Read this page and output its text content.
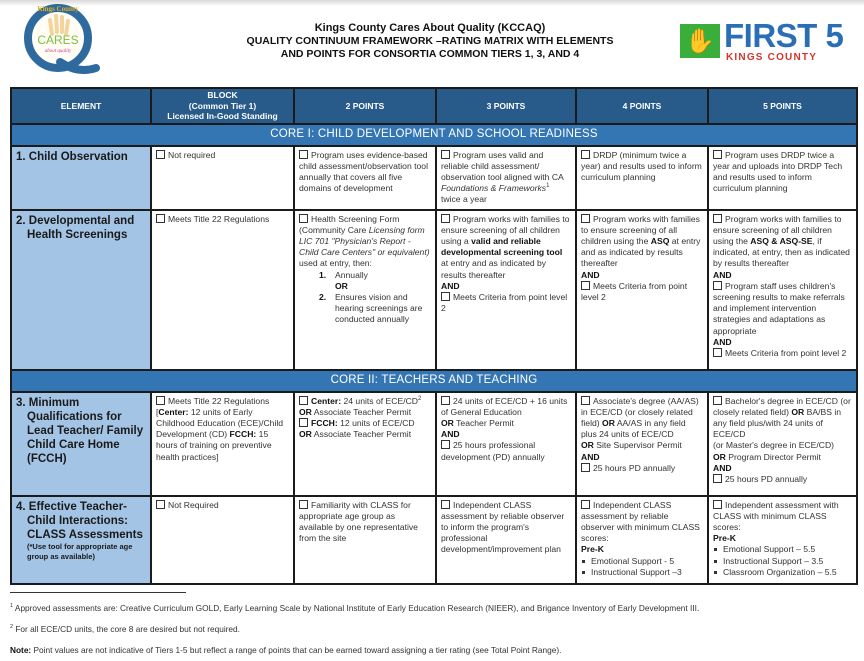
CARES
about quality
Kings County
Kings County Cares About Quality (KCCAQ)
QUALITY CONTINUUM FRAMEWORK –RATING MATRIX WITH ELEMENTS
AND POINTS FOR CONSORTIA COMMON TIERS 1, 3, AND 4	✋ FIRST 5
KINGS COUNTY
ELEMENT	BLOCK
(Common Tier 1)
Licensed In-Good Standing	2 POINTS	3 POINTS	4 POINTS	5 POINTS
CORE I: CHILD DEVELOPMENT AND SCHOOL READINESS					
1. Child Observation	Not required	Program uses evidence-based child assessment/observation tool annually that covers all five domains of development	Program uses valid and reliable child assessment/ observation tool aligned with CA Foundations & Frameworks$^1$ twice a year	DRDP (minimum twice a year) and results used to inform curriculum planning	Program uses DRDP twice a year and uploads into DRDP Tech and results used to inform curriculum planning
2. Developmental and
Health Screenings
	Meets Title 22 Regulations	Health Screening Form (Community Care Licensing form LIC 701 "Physician's Report - Child Care Centers" or equivalent) used at entry, then:
1. Annually
OR
2. Ensures vision and hearing screenings are conducted annually
	Program works with families to ensure screening of all children using a valid and reliable developmental screening tool at entry and as indicated by results thereafter
AND
Meets Criteria from point level 2	Program works with families to ensure screening of all children using the ASQ at entry and as indicated by results thereafter
AND
Meets Criteria from point level 2	Program works with families to ensure screening of all children using the ASQ & ASQ-SE, if indicated, at entry, then as indicated by results thereafter
AND
Program staff uses children's screening results to make referrals and implement intervention strategies and adaptations as appropriate
AND
Meets Criteria from point level 2
CORE II: TEACHERS AND TEACHING					
3. Minimum
Qualifications for Lead Teacher/ Family Child Care Home (FCCH)	Meets Title 22 Regulations
[Center: 12 units of Early Childhood Education (ECE)/Child Development (CD) FCCH: 15 hours of training on preventive health practices]	Center: 24 units of ECE/$CD^2$
OR Associate Teacher Permit
FCCH: 12 units of ECE/CD
OR Associate Teacher Permit	24 units of ECE/CD + 16 units of General Education
OR Teacher Permit
AND
25 hours professional development (PD) annually	Associate's degree (AA/AS) in ECE/CD (or closely related field) OR AA/AS in any field plus 24 units of ECE/CD
OR Site Supervisor Permit
AND
25 hours PD annually	Bachelor's degree in ECE/CD (or closely related field) OR BA/BS in any field plus/with 24 units of ECE/CD
(or Master's degree in ECE/CD)
OR Program Director Permit
AND
25 hours PD annually
4. Effective Teacher-
Child Interactions:
CLASS Assessments
(*Use tool for appropriate age group as available)
	Not Required	Familiarity with CLASS for appropriate age group as available by one representative from the site	Independent CLASS assessment by reliable observer to inform the program's professional development/improvement plan	Independent CLASS assessment by reliable observer with minimum CLASS scores:
Pre-K
Emotional Support - 5
Instructional Support –3
	Independent assessment with CLASS with minimum CLASS scores:
Pre-K
Emotional Support – 5.5
Instructional Support – 3.5
Classroom Organization – 5.5
$^1$ Approved assessments are: Creative Curriculum GOLD, Early Learning Scale by National Institute of Early Education Research (NIEER), and Brigance Inventory of Early Development III.
$^2$ For all ECE/CD units, the core 8 are desired but not required.
Note: Point values are not indicative of Tiers 1-5 but reflect a range of points that can be earned toward assigning a tier rating (see Total Point Range).
